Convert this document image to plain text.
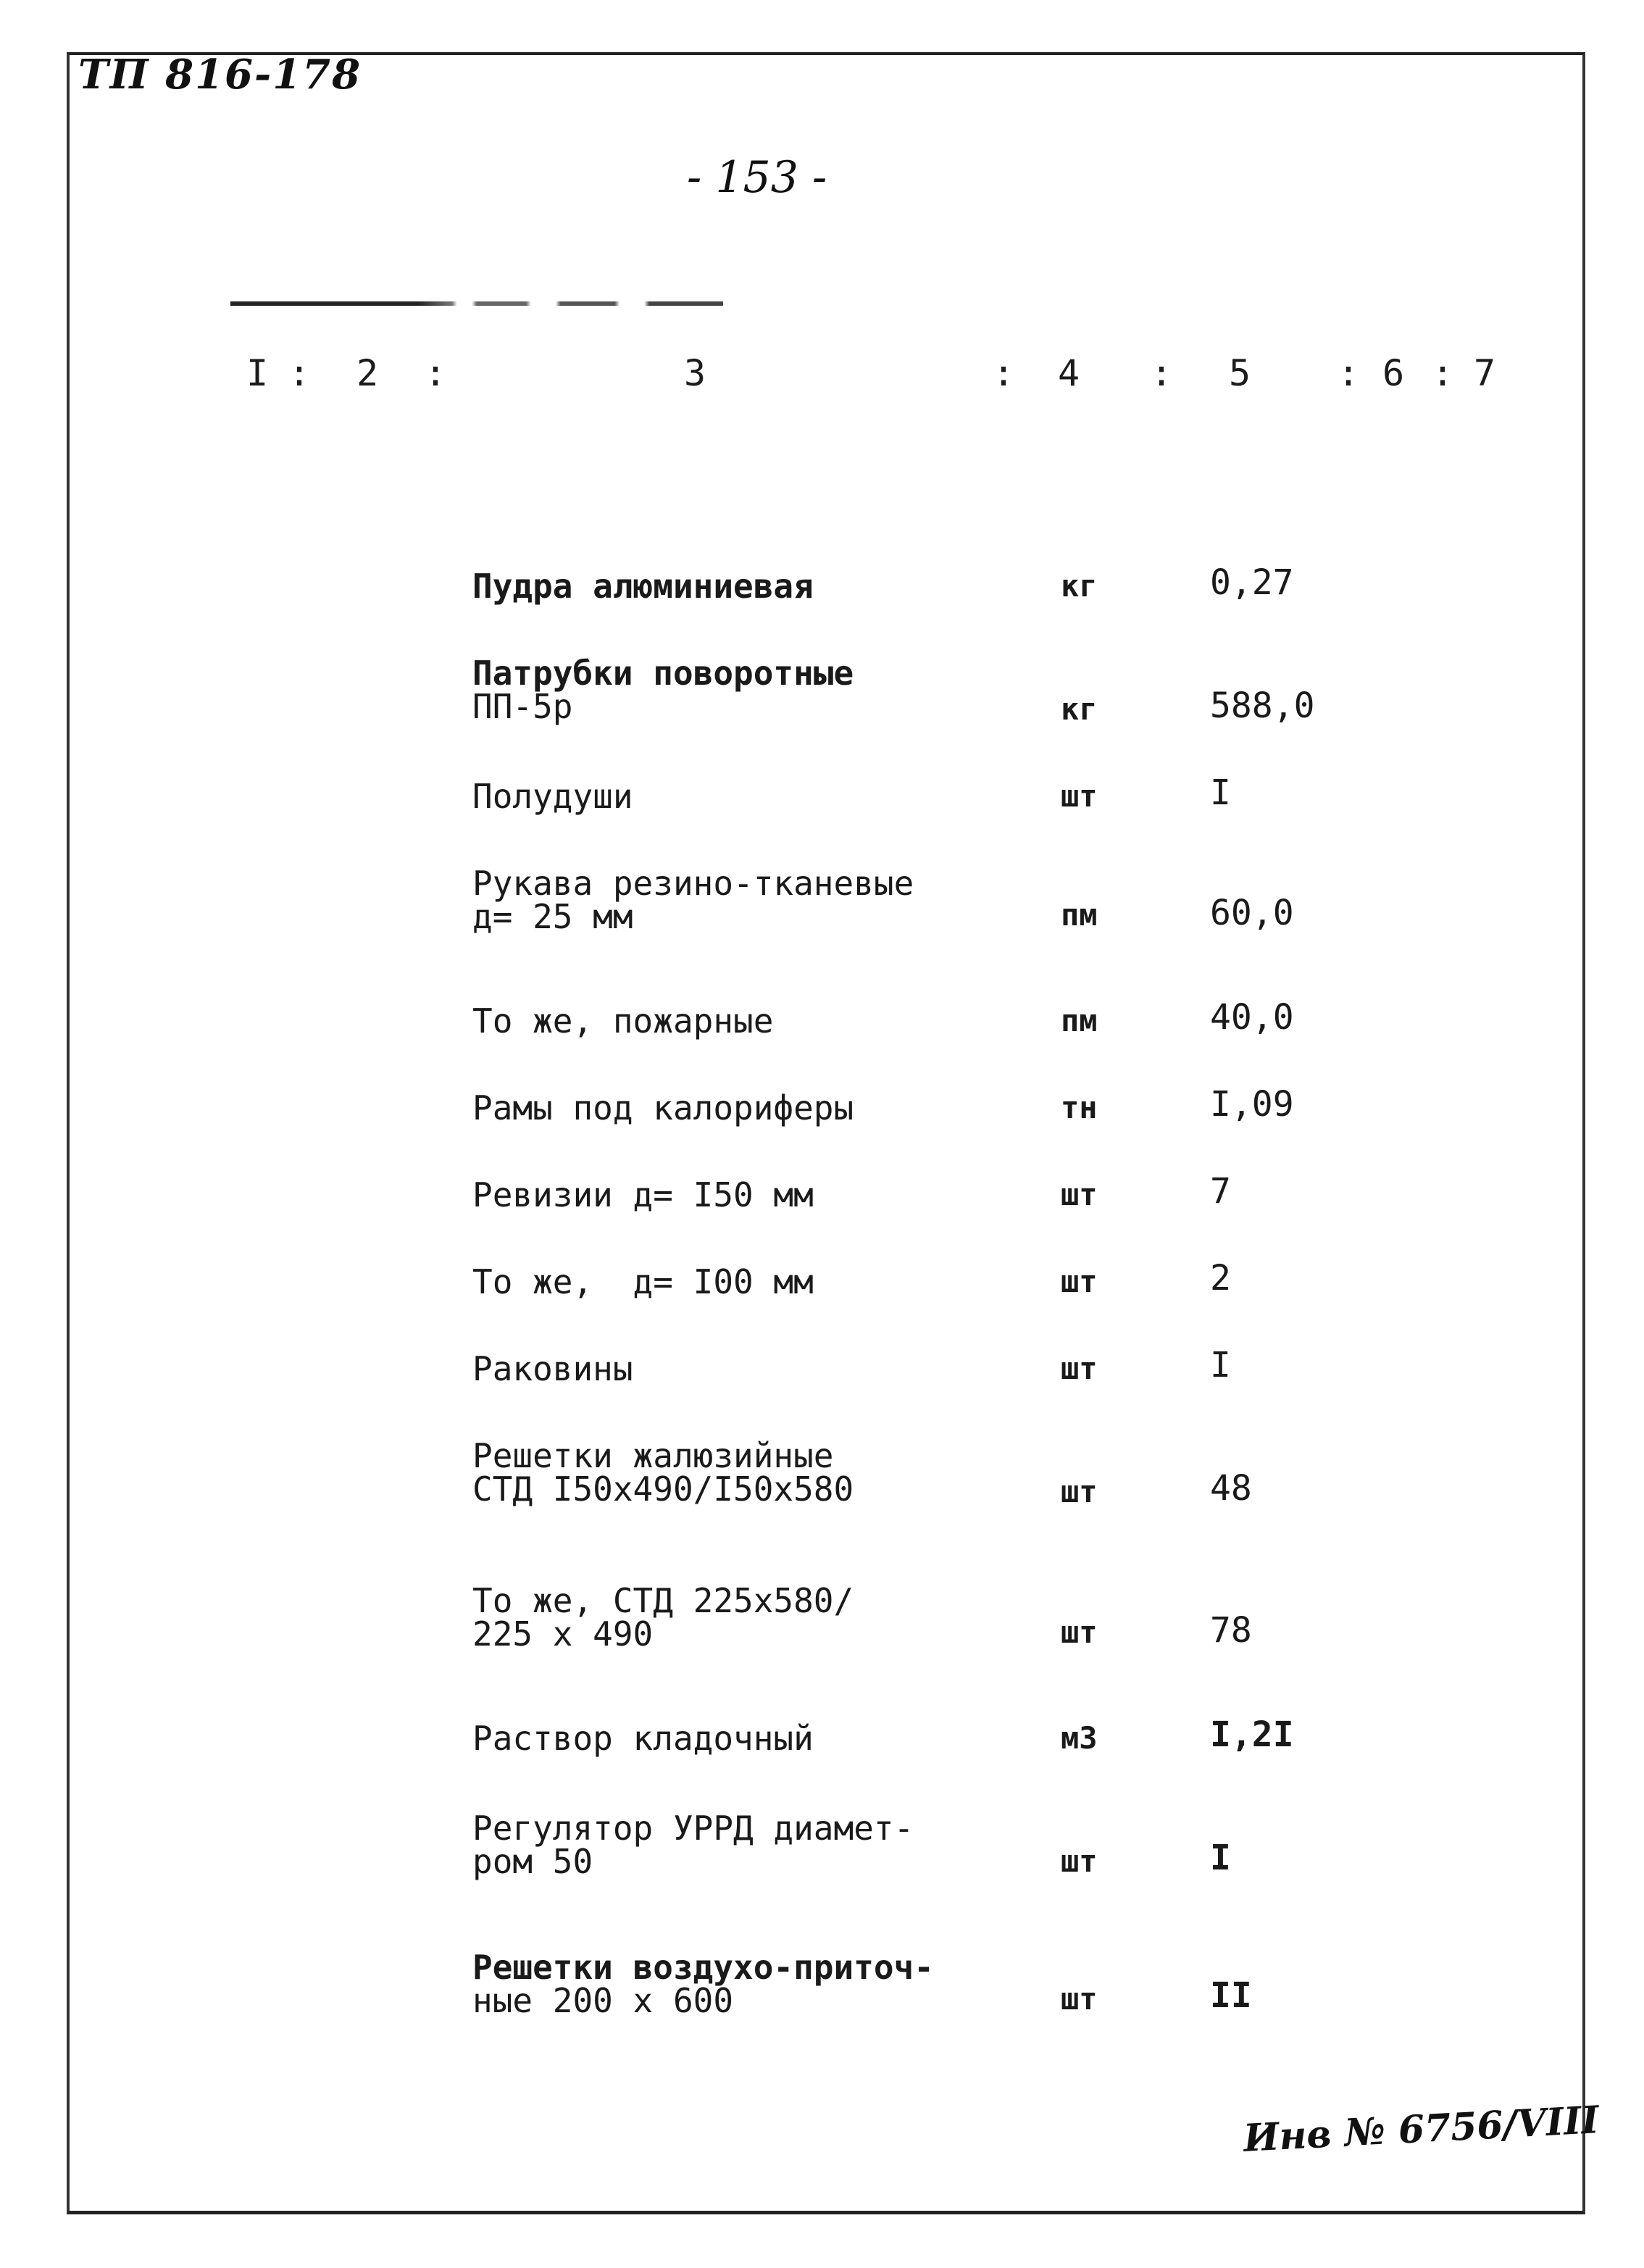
ТП 816-178
- 153 -
I : 2 :	3	: 4 : 5 : 6 : 7
Пудра алюминиевая	кг	0,27
Патрубки поворотные
ПП-5р	кг	588,0
Полудуши	шт	I
Рукава резино-тканевые
д= 25 мм	пм	60,0
То же, пожарные	пм	40,0
Рамы под калориферы	тн	I,09
Ревизии д= I50 мм	шт	7
То же,  д= I00 мм	шт	2
Раковины	шт	I
Решетки жалюзийные
СТД I50х490/I50х580	шт	48
То же, СТД 225х580/
225 х 490	шт	78
Раствор кладочный	м3	I,2I
Регулятор УРРД диамет-
ром 50	шт	I
Решетки воздухо-приточ-
ные 200 х 600	шт	II
Инв № 6756/VIII
